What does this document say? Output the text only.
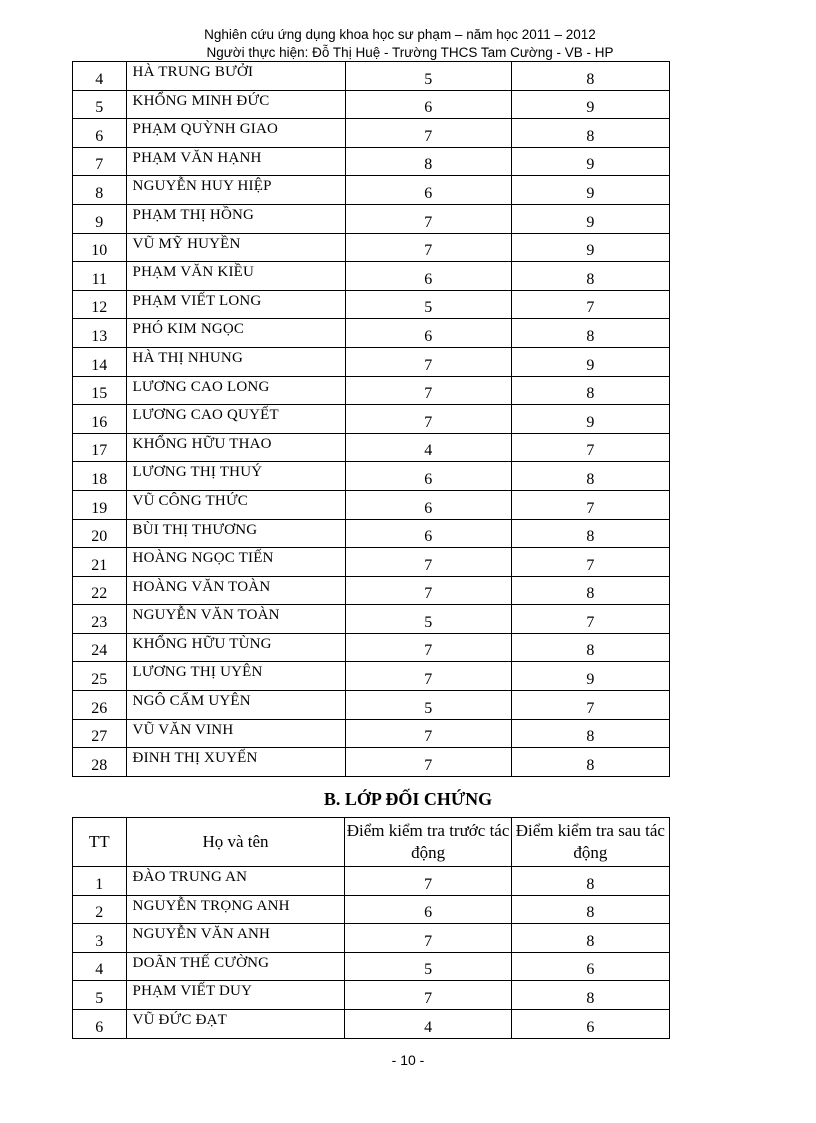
Nghiên cứu ứng dụng khoa học sư phạm – năm học 2011 – 2012
Người thực hiện: Đỗ Thị Huệ - Trường THCS Tam Cường - VB - HP
4	HÀ TRUNG BƯỞI	5	8
5	KHỔNG MINH ĐỨC	6	9
6	PHẠM QUỲNH GIAO	7	8
7	PHẠM VĂN HẠNH	8	9
8	NGUYỄN HUY HIỆP	6	9
9	PHẠM THỊ HỒNG	7	9
10	VŨ MỸ HUYỀN	7	9
11	PHẠM VĂN KIỀU	6	8
12	PHẠM VIẾT LONG	5	7
13	PHÓ KIM NGỌC	6	8
14	HÀ THỊ NHUNG	7	9
15	LƯƠNG CAO LONG	7	8
16	LƯƠNG CAO QUYẾT	7	9
17	KHỔNG HỮU THAO	4	7
18	LƯƠNG THỊ THUÝ	6	8
19	VŨ CÔNG THỨC	6	7
20	BÙI THỊ THƯƠNG	6	8
21	HOÀNG NGỌC TIẾN	7	7
22	HOÀNG VĂN TOÀN	7	8
23	NGUYỄN VĂN TOÀN	5	7
24	KHỔNG HỮU TÙNG	7	8
25	LƯƠNG THỊ UYÊN	7	9
26	NGÔ CẨM UYÊN	5	7
27	VŨ VĂN VINH	7	8
28	ĐINH THỊ XUYẾN	7	8
B. LỚP ĐỐI CHỨNG
TT	Họ và tên	Điểm kiểm tra trước tác động	Điểm kiểm tra sau tác động
1	ĐÀO TRUNG AN	7	8
2	NGUYỄN TRỌNG ANH	6	8
3	NGUYỄN VĂN ANH	7	8
4	DOÃN THẾ CƯỜNG	5	6
5	PHẠM VIẾT DUY	7	8
6	VŨ ĐỨC ĐẠT	4	6
- 10 -
